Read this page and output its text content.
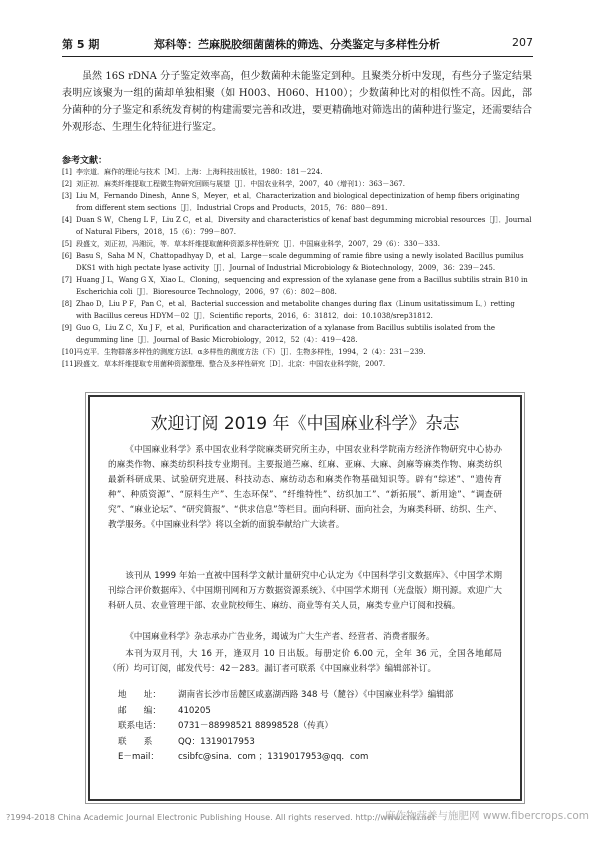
第 5 期	郑科等：苎麻脱胶细菌菌株的筛选、分类鉴定与多样性分析	207

虽然 16S rDNA 分子鉴定效率高，但少数菌种未能鉴定到种。且聚类分析中发现，有些分子鉴定结果表明应该聚为一组的菌却单独相聚（如 H003、H060、H100）；少数菌种比对的相似性不高。因此，部分菌种的分子鉴定和系统发育树的构建需要完善和改进，要更精确地对筛选出的菌种进行鉴定，还需要结合外观形态、生理生化特征进行鉴定。

参考文献：
[1] 李宗道．麻作的理论与技术［M］．上海：上海科技出版社，1980：181－224.
[2] 刘正初．麻类纤维提取工程微生物研究回顾与展望［J］．中国农业科学，2007，40（增刊1）：363－367.
[3] Liu M，Fernando Dinesh，Anne S，Meyer，et al．Characterization and biological depectinization of hemp fibers originating from different stem sections［J］．Industrial Crops and Products，2015，76：880－891.
[4] Duan S W，Cheng L F，Liu Z C，et al．Diversity and characteristics of kenaf bast degumming microbial resources［J］．Journal of Natural Fibers，2018，15（6）：799－807.
[5] 段盛文，刘正初，冯湘沅，等．草本纤维提取菌种资源多样性研究［J］．中国麻业科学，2007，29（6）：330－333.
[6] Basu S，Saha M N，Chattopadhyay D，et al．Large－scale degumming of ramie fibre using a newly isolated Bacillus pumilus DKS1 with high pectate lyase activity［J］．Journal of Industrial Microbiology & Biotechnology，2009，36：239－245.
[7] Huang J L，Wang G X，Xiao L．Cloning，sequencing and expression of the xylanase gene from a Bacillus subtilis strain B10 in Escherichia coli［J］．Bioresource Technology，2006，97（6）：802－808.
[8] Zhao D，Liu P F，Pan C，et al．Bacterial succession and metabolite changes during flax（Linum usitatissimum L．）retting with Bacillus cereus HDYM－02［J］．Scientific reports，2016，6：31812．doi：10.1038/srep31812.
[9] Guo G，Liu Z C，Xu J F，et al．Purification and characterization of a xylanase from Bacillus subtilis isolated from the degumming line［J］．Journal of Basic Microbiology，2012，52（4）：419－428.
[10] 马克平．生物群落多样性的测度方法Ⅰ．α多样性的测度方法（下）［J］．生物多样性，1994，2（4）：231－239.
[11] 段盛文．草本纤维提取专用菌种资源整理、整合及多样性研究［D］．北京：中国农业科学院，2007.
欢迎订阅 2019 年《中国麻业科学》杂志

《中国麻业科学》系中国农业科学院麻类研究所主办，中国农业科学院南方经济作物研究中心协办的麻类作物、麻类纺织科技专业期刊。主要报道苎麻、红麻、亚麻、大麻、剑麻等麻类作物、麻类纺织最新科研成果、试验研究进展、科技动态、麻纺动态和麻类作物基础知识等。辟有“综述”、“遗传育种”、种质资源”、“原料生产”、生态环保”、“纤维特性”、纺织加工”、“新拓展”、新用途”、“调查研究”、“麻业论坛”、“研究简报”、“供求信息”等栏目。面向科研、面向社会，为麻类科研、纺织、生产、教学服务。《中国麻业科学》将以全新的面貌奉献给广大读者。

该刊从 1999 年始一直被中国科学文献计量研究中心认定为《中国科学引文数据库》、《中国学术期刊综合评价数据库》、《中国期刊网和万方数据资源系统》、《中国学术期刊（光盘版）期刊源。欢迎广大科研人员、农业管理干部、农业院校师生、麻纺、商业等有关人员，麻类专业户订阅和投稿。

《中国麻业科学》杂志承办广告业务，竭诚为广大生产者、经营者、消费者服务。

本刊为双月刊，大 16 开，逢双月 10 日出版。每册定价 6.00 元，全年 36 元，全国各地邮局（所）均可订阅，邮发代号：42－283。漏订者可联系《中国麻业科学》编辑部补订。

地　　址：	湖南省长沙市岳麓区咸嘉湖西路 348 号（麓谷）《中国麻业科学》编辑部
邮　　编：	410205
联系电话：	0731－88998521 88998528（传真）
联　　系	QQ：1319017953
E－mail：	csibfc@sina．com ；1319017953@qq．com
?1994-2018 China Academic Journal Electronic Publishing House. All rights reserved. http://www.cnki.net
麻作物营养与施肥网 www.fibercrops.com
